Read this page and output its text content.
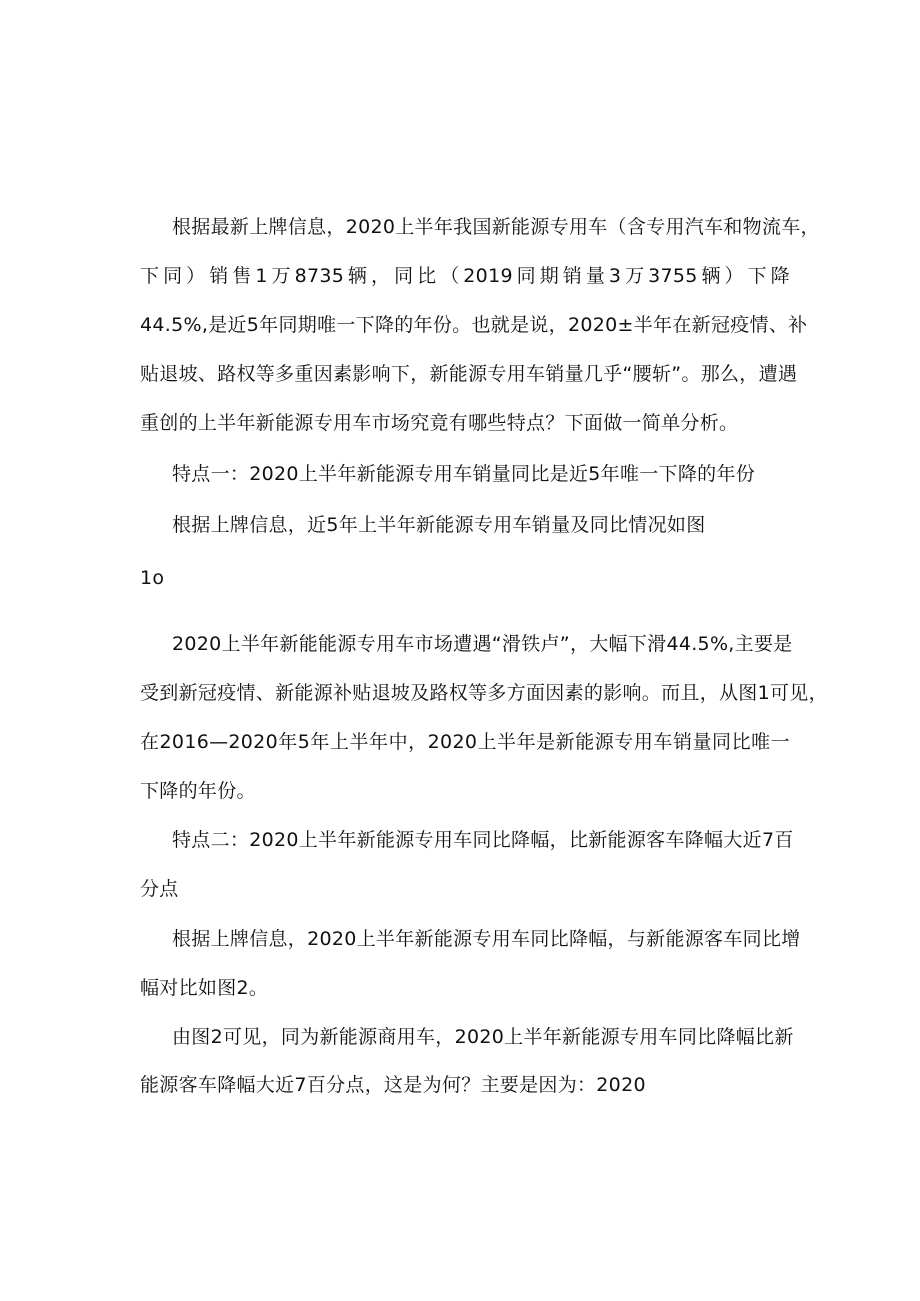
根据最新上牌信息，2020上半年我国新能源专用车（含专用汽车和物流车，
下同）销售1万8735辆，同比（2019同期销量3万3755辆）下降
44.5%,是近5年同期唯一下降的年份。也就是说，2020±半年在新冠疫情、补
贴退坡、路权等多重因素影响下，新能源专用车销量几乎“腰斩”。那么，遭遇
重创的上半年新能源专用车市场究竟有哪些特点？下面做一简单分析。
特点一：2020上半年新能源专用车销量同比是近5年唯一下降的年份
根据上牌信息，近5年上半年新能源专用车销量及同比情况如图
1o
2020上半年新能能源专用车市场遭遇“滑铁卢”，大幅下滑44.5%,主要是
受到新冠疫情、新能源补贴退坡及路权等多方面因素的影响。而且，从图1可见，
在2016—2020年5年上半年中，2020上半年是新能源专用车销量同比唯一
下降的年份。
特点二：2020上半年新能源专用车同比降幅，比新能源客车降幅大近7百
分点
根据上牌信息，2020上半年新能源专用车同比降幅，与新能源客车同比增
幅对比如图2。
由图2可见，同为新能源商用车，2020上半年新能源专用车同比降幅比新
能源客车降幅大近7百分点，这是为何？主要是因为：2020
